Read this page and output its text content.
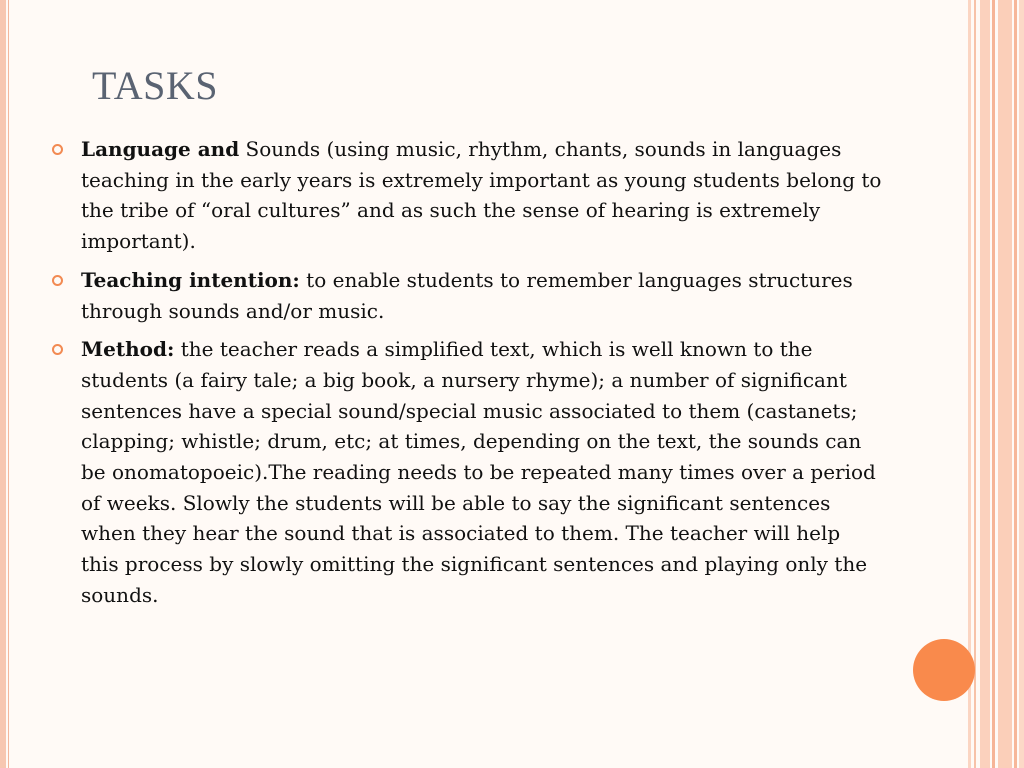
TASKS
Language and Sounds (using music, rhythm, chants, sounds in languages teaching in the early years is extremely important as young students belong to the tribe of “oral cultures” and as such the sense of hearing is extremely important).
Teaching intention: to enable students to remember languages structures through sounds and/or music.
Method: the teacher reads a simplified text, which is well known to the students (a fairy tale; a big book, a nursery rhyme); a number of significant sentences have a special sound/special music associated to them (castanets; clapping; whistle; drum, etc; at times, depending on the text, the sounds can be onomatopoeic).The reading needs to be repeated many times over a period of weeks. Slowly the students will be able to say the significant sentences when they hear the sound that is associated to them. The teacher will help this process by slowly omitting the significant sentences and playing only the sounds.
